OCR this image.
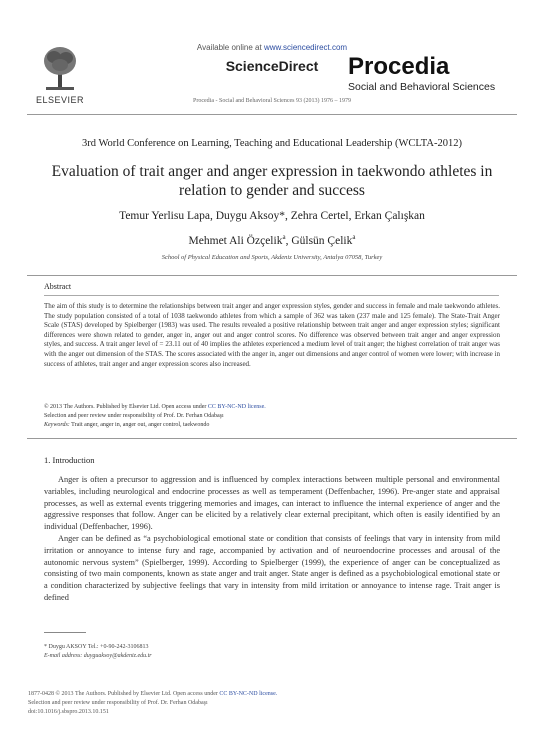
ELSEVIER
Available online at www.sciencedirect.com
ScienceDirect
Procedia - Social and Behavioral Sciences 93 (2013) 1976 – 1979
Procedia
Social and Behavioral Sciences
3rd World Conference on Learning, Teaching and Educational Leadership (WCLTA-2012)
Evaluation of trait anger and anger expression in taekwondo athletes in relation to gender and success
Temur Yerlisu Lapa, Duygu Aksoy*, Zehra Certel, Erkan Çalışkan
Mehmet Ali Özçelik$^a$, Gülsün Çelik$^a$
School of Physical Education and Sports, Akdeniz University, Antalya 07058, Turkey
Abstract
The aim of this study is to determine the relationships between trait anger and anger expression styles, gender and success in female and male taekwondo athletes. The study population consisted of a total of 1038 taekwondo athletes from which a sample of 362 was taken (237 male and 125 female). The State-Trait Anger Scale (STAS) developed by Spielberger (1983) was used. The results revealed a positive relationship between trait anger and anger expression styles; significant differences were shown related to gender, anger in, anger out and anger control scores. No difference was observed between trait anger and anger expression styles, and success. A trait anger level of = 23.11 out of 40 implies the athletes experienced a medium level of trait anger; the highest correlation of trait anger was with the anger out dimension of the STAS. The scores associated with the anger in, anger out dimensions and anger control of women were lower; with increase in success of athletes, trait anger and anger expression scores also increased.
© 2013 The Authors. Published by Elsevier Ltd. Open access under CC BY-NC-ND license.
Selection and peer review under responsibility of Prof. Dr. Ferhan Odabaşı
Keywords: Trait anger, anger in, anger out, anger control, taekwondo
1. Introduction

Anger is often a precursor to aggression and is influenced by complex interactions between multiple personal and environmental variables, including neurological and endocrine processes as well as temperament (Deffenbacher, 1996). Pre-anger state and appraisal processes, as well as external events triggering memories and images, can interact to influence the internal experience of anger and the aggressive responses that follow. Anger can be elicited by a relatively clear external precipitant, which often is easily identified by an individual (Deffenbacher, 1996).

Anger can be defined as “a psychobiological emotional state or condition that consists of feelings that vary in intensity from mild irritation or annoyance to intense fury and rage, accompanied by activation and of neuroendocrine processes and arousal of the autonomic nervous system” (Spielberger, 1999). According to Spielberger (1999), the experience of anger can be conceptualized as consisting of two main components, known as state anger and trait anger. State anger is defined as a psychobiological emotional state or a condition characterized by subjective feelings that vary in intensity from mild irritation or annoyance to intense rage. Trait anger is defined

* Duygu AKSOY Tel.: +0-90-242-3106813
E-mail address: duyguaksoy@akdeniz.edu.tr
1877-0428 © 2013 The Authors. Published by Elsevier Ltd. Open access under CC BY-NC-ND license.
Selection and peer review under responsibility of Prof. Dr. Ferhan Odabaşı
doi:10.1016/j.sbspro.2013.10.151
